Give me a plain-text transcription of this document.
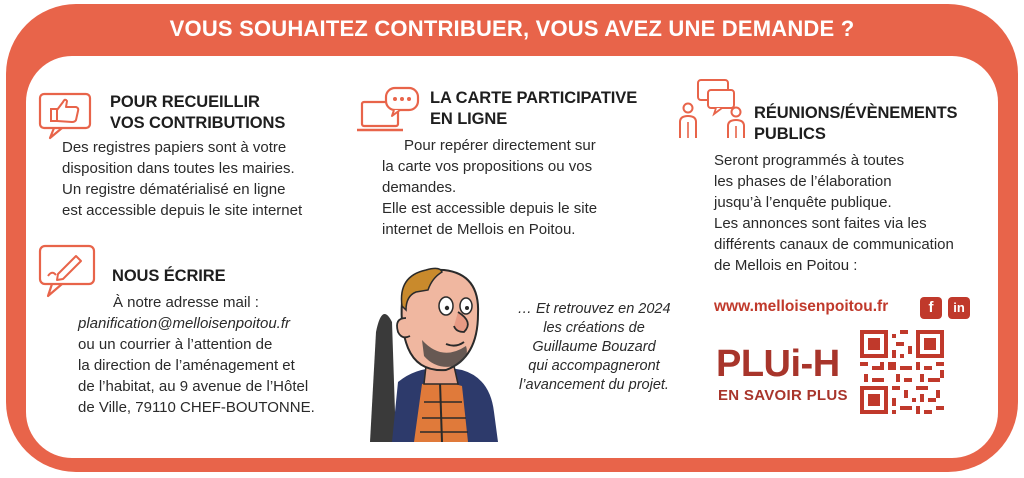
VOUS SOUHAITEZ CONTRIBUER, VOUS AVEZ UNE DEMANDE ?
POUR RECUEILLIR
VOS CONTRIBUTIONS
Des registres papiers sont à votre
disposition dans toutes les mairies.
Un registre dématérialisé en ligne
est accessible depuis le site internet
NOUS ÉCRIRE
À notre adresse mail :
planification@melloisenpoitou.fr
ou un courrier à l’attention de
la direction de l’aménagement et
de l’habitat, au 9 avenue de l’Hôtel
de Ville, 79110 CHEF-BOUTONNE.
LA CARTE PARTICIPATIVE
EN LIGNE
Pour repérer directement sur
la carte vos propositions ou vos
demandes.
Elle est accessible depuis le site
internet de Mellois en Poitou.
… Et retrouvez en 2024
les créations de
Guillaume Bouzard
qui accompagneront
l’avancement du projet.
RÉUNIONS/ÉVÈNEMENTS
PUBLICS
Seront programmés à toutes
les phases de l’élaboration
jusqu’à l’enquête publique.
Les annonces sont faites via les
différents canaux de communication
de Mellois en Poitou :
www.melloisenpoitou.fr	f	in
PLUi-H
EN SAVOIR PLUS
